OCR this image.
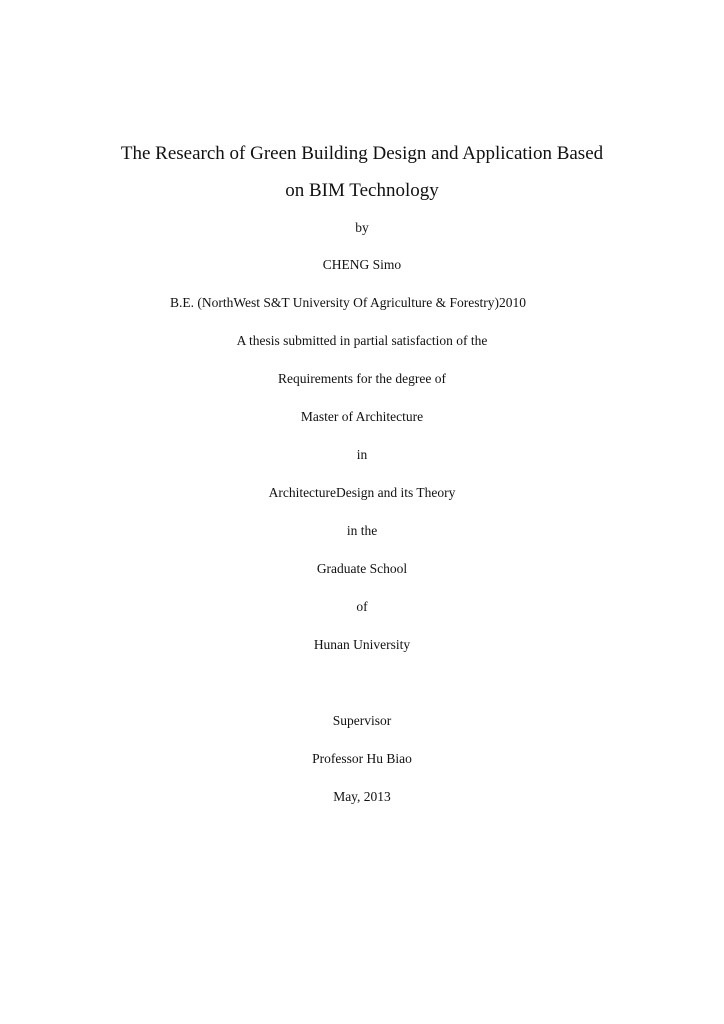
The Research of Green Building Design and Application Based
on BIM Technology
by
CHENG Simo
B.E. (NorthWest S&T University Of Agriculture & Forestry)2010
A thesis submitted in partial satisfaction of the
Requirements for the degree of
Master of Architecture
in
ArchitectureDesign and its Theory
in the
Graduate School
of
Hunan University
Supervisor
Professor Hu Biao
May, 2013
